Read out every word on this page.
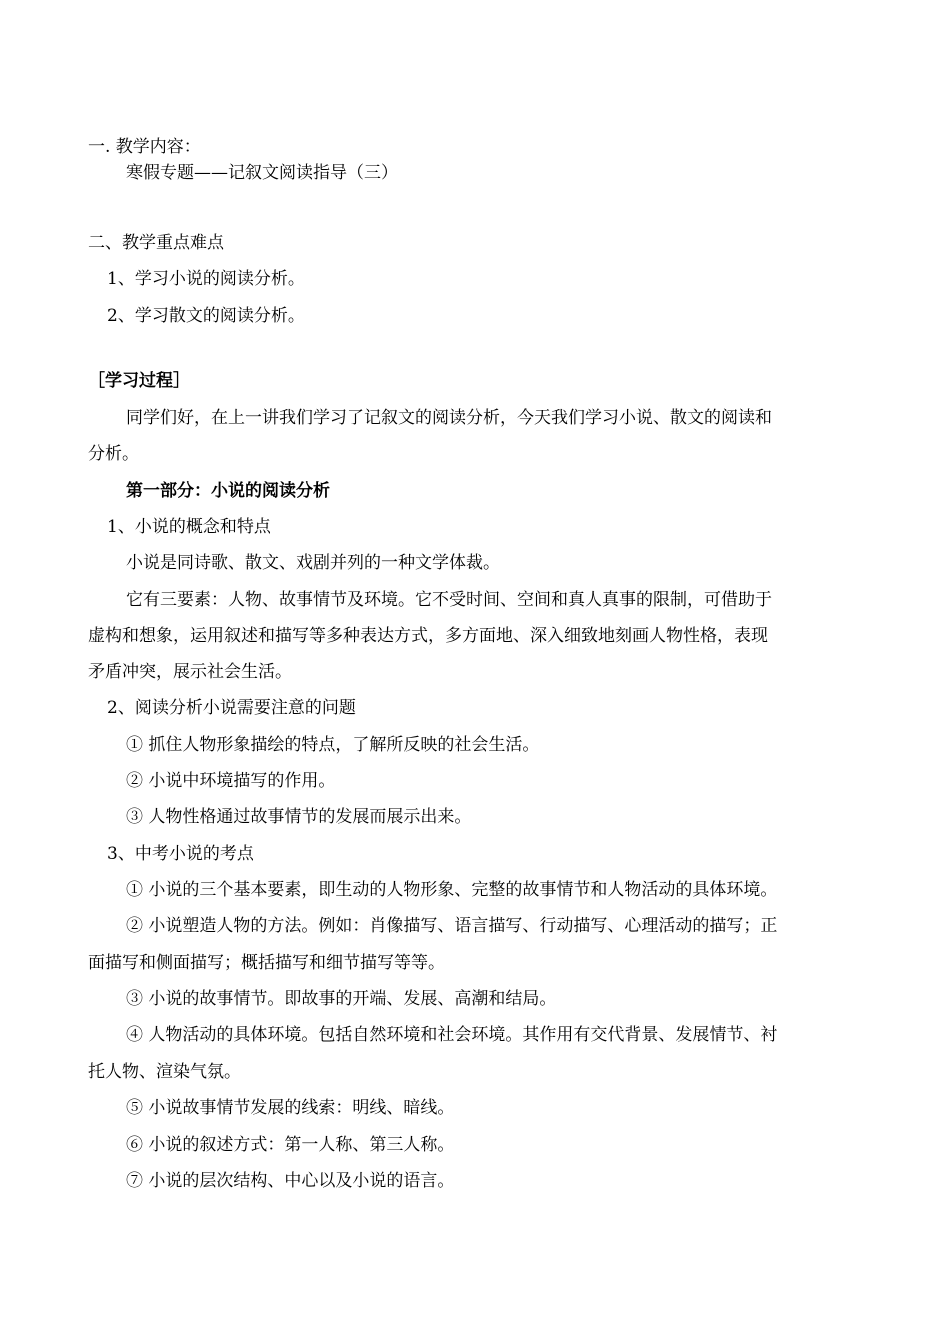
一. 教学内容：

寒假专题——记叙文阅读指导（三）

二、教学重点难点

1、学习小说的阅读分析。

2、学习散文的阅读分析。

［学习过程］

同学们好，在上一讲我们学习了记叙文的阅读分析，今天我们学习小说、散文的阅读和

分析。

第一部分：小说的阅读分析

1、小说的概念和特点

小说是同诗歌、散文、戏剧并列的一种文学体裁。

它有三要素：人物、故事情节及环境。它不受时间、空间和真人真事的限制，可借助于

虚构和想象，运用叙述和描写等多种表达方式，多方面地、深入细致地刻画人物性格，表现

矛盾冲突，展示社会生活。

2、阅读分析小说需要注意的问题

① 抓住人物形象描绘的特点，了解所反映的社会生活。

② 小说中环境描写的作用。

③ 人物性格通过故事情节的发展而展示出来。

3、中考小说的考点

① 小说的三个基本要素，即生动的人物形象、完整的故事情节和人物活动的具体环境。

② 小说塑造人物的方法。例如：肖像描写、语言描写、行动描写、心理活动的描写；正

面描写和侧面描写；概括描写和细节描写等等。

③ 小说的故事情节。即故事的开端、发展、高潮和结局。

④ 人物活动的具体环境。包括自然环境和社会环境。其作用有交代背景、发展情节、衬

托人物、渲染气氛。

⑤ 小说故事情节发展的线索：明线、暗线。

⑥ 小说的叙述方式：第一人称、第三人称。

⑦ 小说的层次结构、中心以及小说的语言。
